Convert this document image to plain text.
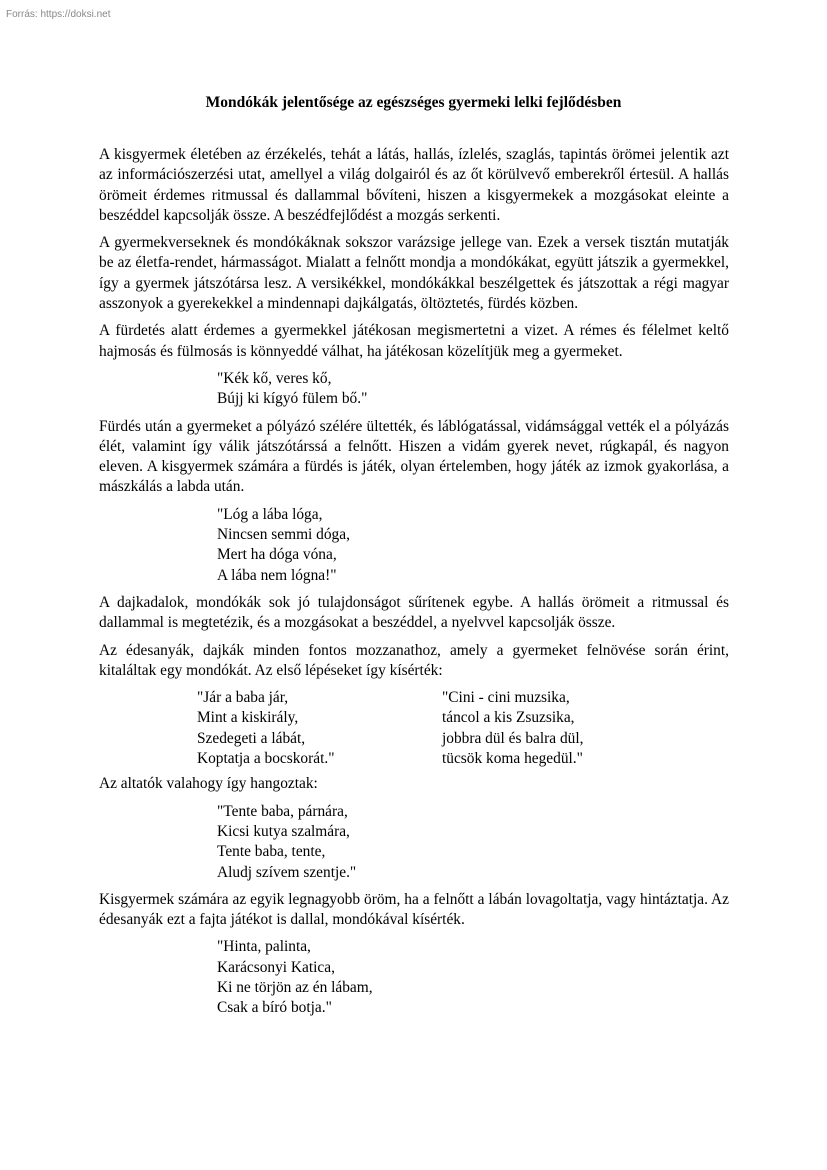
Forrás: https://doksi.net
Mondókák jelentősége az egészséges gyermeki lelki fejlődésben

A kisgyermek életében az érzékelés, tehát a látás, hallás, ízlelés, szaglás, tapintás örömei jelentik azt az információszerzési utat, amellyel a világ dolgairól és az őt körülvevő emberekről értesül. A hallás örömeit érdemes ritmussal és dallammal bővíteni, hiszen a kisgyermekek a mozgásokat eleinte a beszéddel kapcsolják össze. A beszédfejlődést a mozgás serkenti.

A gyermekverseknek és mondókáknak sokszor varázsige jellege van. Ezek a versek tisztán mutatják be az életfa-rendet, hármasságot. Mialatt a felnőtt mondja a mondókákat, együtt játszik a gyermekkel, így a gyermek játszótársa lesz. A versikékkel, mondókákkal beszélgettek és játszottak a régi magyar asszonyok a gyerekekkel a mindennapi dajkálgatás, öltöztetés, fürdés közben.

A fürdetés alatt érdemes a gyermekkel játékosan megismertetni a vizet. A rémes és félelmet keltő hajmosás és fülmosás is könnyeddé válhat, ha játékosan közelítjük meg a gyermeket.

"Kék kő, veres kő,
Bújj ki kígyó fülem bő."

Fürdés után a gyermeket a pólyázó szélére ültették, és láblógatással, vidámsággal vették el a pólyázás élét, valamint így válik játszótárssá a felnőtt. Hiszen a vidám gyerek nevet, rúgkapál, és nagyon eleven. A kisgyermek számára a fürdés is játék, olyan értelemben, hogy játék az izmok gyakorlása, a mászkálás a labda után.

"Lóg a lába lóga,
Nincsen semmi dóga,
Mert ha dóga vóna,
A lába nem lógna!"

A dajkadalok, mondókák sok jó tulajdonságot sűrítenek egybe. A hallás örömeit a ritmussal és dallammal is megtetézik, és a mozgásokat a beszéddel, a nyelvvel kapcsolják össze.

Az édesanyák, dajkák minden fontos mozzanathoz, amely a gyermeket felnövése során érint, kitaláltak egy mondókát. Az első lépéseket így kísérték:

"Jár a baba jár,
Mint a kiskirály,
Szedegeti a lábát,
Koptatja a bocskorát."
"Cini - cini muzsika,
táncol a kis Zsuzsika,
jobbra dül és balra dül,
tücsök koma hegedül."

Az altatók valahogy így hangoztak:

"Tente baba, párnára,
Kicsi kutya szalmára,
Tente baba, tente,
Aludj szívem szentje."

Kisgyermek számára az egyik legnagyobb öröm, ha a felnőtt a lábán lovagoltatja, vagy hintáztatja. Az édesanyák ezt a fajta játékot is dallal, mondókával kísérték.

"Hinta, palinta,
Karácsonyi Katica,
Ki ne törjön az én lábam,
Csak a bíró botja."
